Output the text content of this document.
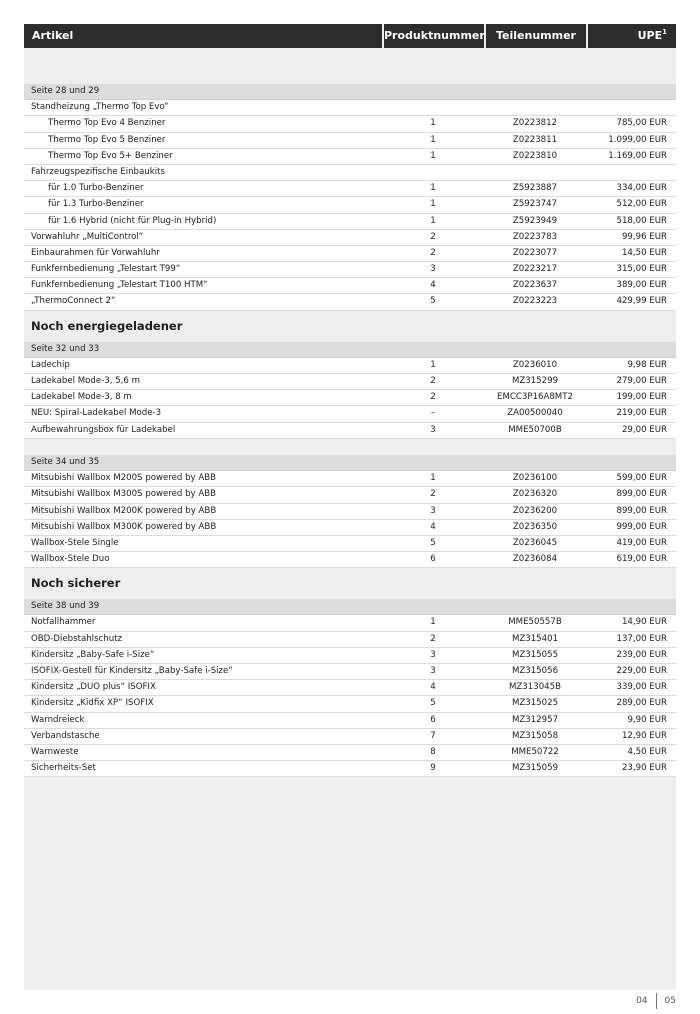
Artikel	Produktnummer	Teilenummer	UPE$^1$
Seite 28 und 29
Standheizung „Thermo Top Evo“
Thermo Top Evo 4 Benziner	1	Z0223812	785,00 EUR
Thermo Top Evo 5 Benziner	1	Z0223811	1.099,00 EUR
Thermo Top Evo 5+ Benziner	1	Z0223810	1.169,00 EUR
Fahrzeugspezifische Einbaukits
für 1.0 Turbo-Benziner	1	Z5923887	334,00 EUR
für 1.3 Turbo-Benziner	1	Z5923747	512,00 EUR
für 1.6 Hybrid (nicht für Plug-in Hybrid)	1	Z5923949	518,00 EUR
Vorwahluhr „MultiControl“	2	Z0223783	99,96 EUR
Einbaurahmen für Vorwahluhr	2	Z0223077	14,50 EUR
Funkfernbedienung „Telestart T99“	3	Z0223217	315,00 EUR
Funkfernbedienung „Telestart T100 HTM“	4	Z0223637	389,00 EUR
„ThermoConnect 2“	5	Z0223223	429,99 EUR
Noch energiegeladener
Seite 32 und 33
Ladechip	1	Z0236010	9,98 EUR
Ladekabel Mode-3, 5,6 m	2	MZ315299	279,00 EUR
Ladekabel Mode-3, 8 m	2	EMCC3P16A8MT2	199,00 EUR
NEU: Spiral-Ladekabel Mode-3	–	ZA00500040	219,00 EUR
Aufbewahrungsbox für Ladekabel	3	MME50700B	29,00 EUR
Seite 34 und 35
Mitsubishi Wallbox M200S powered by ABB	1	Z0236100	599,00 EUR
Mitsubishi Wallbox M300S powered by ABB	2	Z0236320	899,00 EUR
Mitsubishi Wallbox M200K powered by ABB	3	Z0236200	899,00 EUR
Mitsubishi Wallbox M300K powered by ABB	4	Z0236350	999,00 EUR
Wallbox-Stele Single	5	Z0236045	419,00 EUR
Wallbox-Stele Duo	6	Z0236084	619,00 EUR
Noch sicherer
Seite 38 und 39
Notfallhammer	1	MME50557B	14,90 EUR
OBD-Diebstahlschutz	2	MZ315401	137,00 EUR
Kindersitz „Baby-Safe i-Size“	3	MZ315055	239,00 EUR
ISOFIX-Gestell für Kindersitz „Baby-Safe i-Size“	3	MZ315056	229,00 EUR
Kindersitz „DUO plus“ ISOFIX	4	MZ313045B	339,00 EUR
Kindersitz „Kidfix XP“ ISOFIX	5	MZ315025	289,00 EUR
Warndreieck	6	MZ312957	9,90 EUR
Verbandstasche	7	MZ315058	12,90 EUR
Warnweste	8	MME50722	4,50 EUR
Sicherheits-Set	9	MZ315059	23,90 EUR
04 05
